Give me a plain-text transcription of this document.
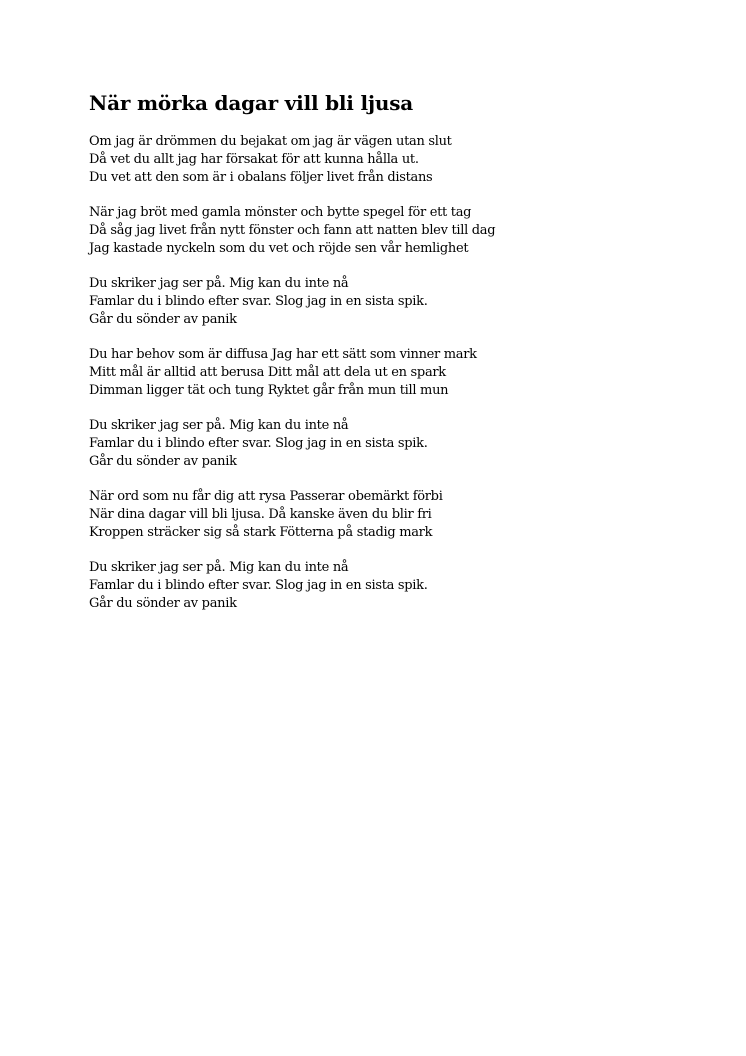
När mörka dagar vill bli ljusa
Om jag är drömmen du bejakat om jag är vägen utan slut
Då vet du allt jag har försakat för att kunna hålla ut.
Du vet att den som är i obalans följer livet från distans
När jag bröt med gamla mönster och bytte spegel för ett tag
Då såg jag livet från nytt fönster och fann att natten blev till dag
Jag kastade nyckeln som du vet och röjde sen vår hemlighet
Du skriker jag ser på. Mig kan du inte nå
Famlar du i blindo efter svar. Slog jag in en sista spik.
Går du sönder av panik
Du har behov som är diffusa Jag har ett sätt som vinner mark
Mitt mål är alltid att berusa Ditt mål att dela ut en spark
Dimman ligger tät och tung Ryktet går från mun till mun
Du skriker jag ser på. Mig kan du inte nå
Famlar du i blindo efter svar. Slog jag in en sista spik.
Går du sönder av panik
När ord som nu får dig att rysa Passerar obemärkt förbi
När dina dagar vill bli ljusa. Då kanske även du blir fri
Kroppen sträcker sig så stark Fötterna på stadig mark
Du skriker jag ser på. Mig kan du inte nå
Famlar du i blindo efter svar. Slog jag in en sista spik.
Går du sönder av panik
